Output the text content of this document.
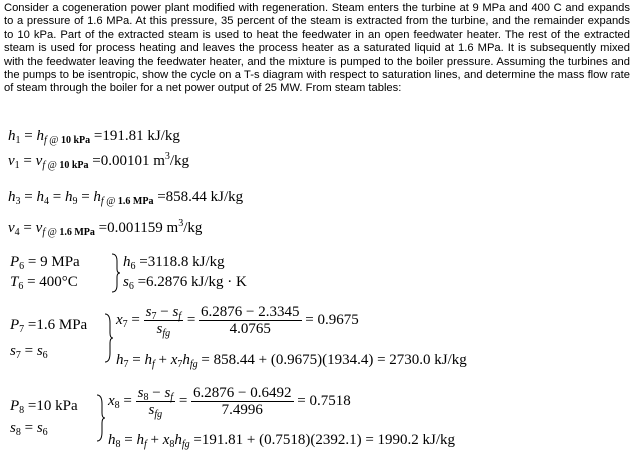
Consider a cogeneration power plant modified with regeneration. Steam enters the turbine at 9 MPa and 400 C and expands to a pressure of 1.6 MPa. At this pressure, 35 percent of the steam is extracted from the turbine, and the remainder expands to 10 kPa. Part of the extracted steam is used to heat the feedwater in an open feedwater heater. The rest of the extracted steam is used for process heating and leaves the process heater as a saturated liquid at 1.6 MPa. It is subsequently mixed with the feedwater leaving the feedwater heater, and the mixture is pumped to the boiler pressure. Assuming the turbines and the pumps to be isentropic, show the cycle on a T-s diagram with respect to saturation lines, and determine the mass flow rate of steam through the boiler for a net power output of 25 MW. From steam tables:
$h_1 = h_{f @ 10 kPa} =191.81$ kJ/kg
$v_1 = v_{f @ 10 kPa} =0.00101$ $m^3/kg$
$h_3 = h_4 = h_9 = h_{f @ 1.6 MPa} =858.44$ kJ/kg
$v_4 = v_{f @ 1.6 MPa} =0.001159$ $m^3/kg$
$P_6 = 9$ MPa
$T_6 = 400^\circ C$
$h_6 =3118.8$ kJ/kg
$s_6 =6.2876$ kJ/kg · K
$P_7 =1.6$ MPa
$s_7 = s_6$
$x_7 = \frac{s_7 - s_f}{s_{fg}} = \frac{6.2876 - 2.3345}{4.0765} = 0.9675$
$h_7 = h_f + x_7h_{fg} = 858.44 + (0.9675)(1934.4) = 2730.0$ kJ/kg
$P_8 =10$ kPa
$s_8 = s_6$
$x_8 = \frac{s_8 - s_f}{s_{fg}} = \frac{6.2876 - 0.6492}{7.4996} = 0.7518$
$h_8 = h_f + x_8h_{fg} =191.81 + (0.7518)(2392.1) = 1990.2$ kJ/kg
